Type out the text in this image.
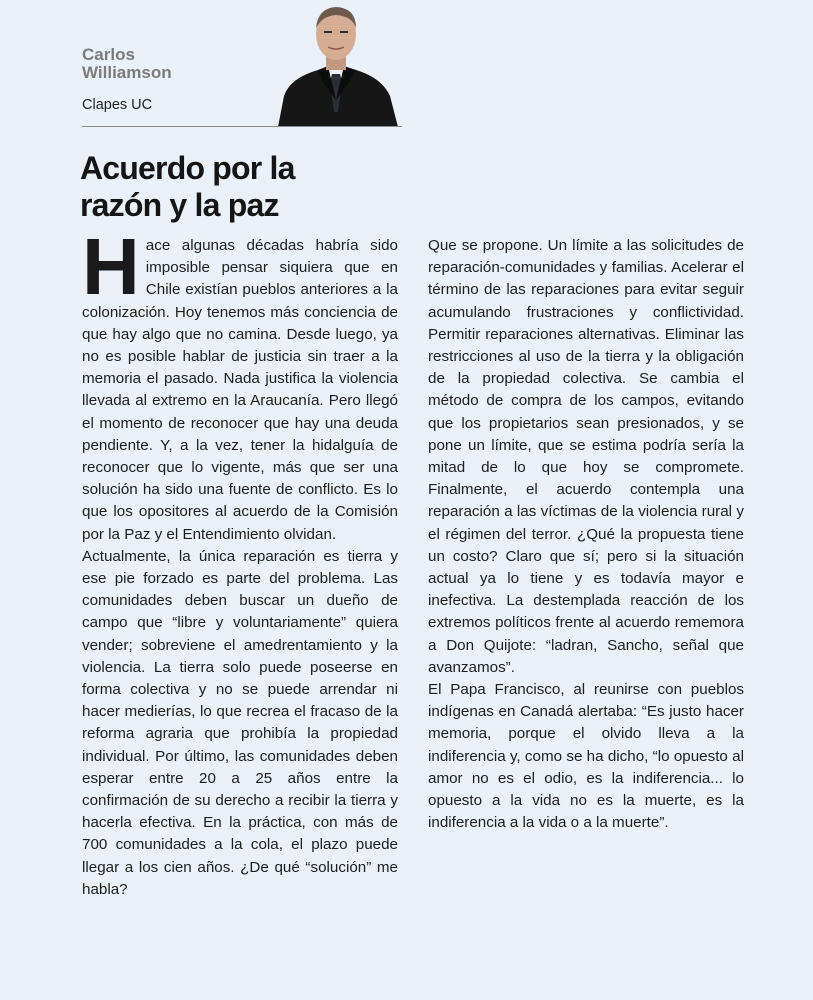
Carlos
Williamson

Clapes UC
Acuerdo por la razón y la paz

Hace algunas décadas habría sido imposible pensar siquiera que en Chile existían pueblos anteriores a la colonización. Hoy tenemos más conciencia de que hay algo que no camina. Desde luego, ya no es posible hablar de justicia sin traer a la memoria el pasado. Nada justifica la violencia llevada al extremo en la Araucanía. Pero llegó el momento de reconocer que hay una deuda pendiente. Y, a la vez, tener la hidalguía de reconocer que lo vigente, más que ser una solución ha sido una fuente de conflicto. Es lo que los opositores al acuerdo de la Comisión por la Paz y el Entendimiento olvidan.

Actualmente, la única reparación es tierra y ese pie forzado es parte del problema. Las comunidades deben buscar un dueño de campo que “libre y voluntariamente” quiera vender; sobreviene el amedrentamiento y la violencia. La tierra solo puede poseerse en forma colectiva y no se puede arrendar ni hacer medierías, lo que recrea el fracaso de la reforma agraria que prohibía la propiedad individual. Por último, las comunidades deben esperar entre 20 a 25 años entre la confirmación de su derecho a recibir la tierra y hacerla efectiva. En la práctica, con más de 700 comunidades a la cola, el plazo puede llegar a los cien años. ¿De qué “solución” me habla?

Que se propone. Un límite a las solicitudes de reparación-comunidades y familias. Acelerar el término de las reparaciones para evitar seguir acumulando frustraciones y conflictividad. Permitir reparaciones alternativas. Eliminar las restricciones al uso de la tierra y la obligación de la propiedad colectiva. Se cambia el método de compra de los campos, evitando que los propietarios sean presionados, y se pone un límite, que se estima podría sería la mitad de lo que hoy se compromete. Finalmente, el acuerdo contempla una reparación a las víctimas de la violencia rural y el régimen del terror. ¿Qué la propuesta tiene un costo? Claro que sí; pero si la situación actual ya lo tiene y es todavía mayor e inefectiva. La destemplada reacción de los extremos políticos frente al acuerdo rememora a Don Quijote: “ladran, Sancho, señal que avanzamos”.

El Papa Francisco, al reunirse con pueblos indígenas en Canadá alertaba: “Es justo hacer memoria, porque el olvido lleva a la indiferencia y, como se ha dicho, “lo opuesto al amor no es el odio, es la indiferencia... lo opuesto a la vida no es la muerte, es la indiferencia a la vida o a la muerte”.
